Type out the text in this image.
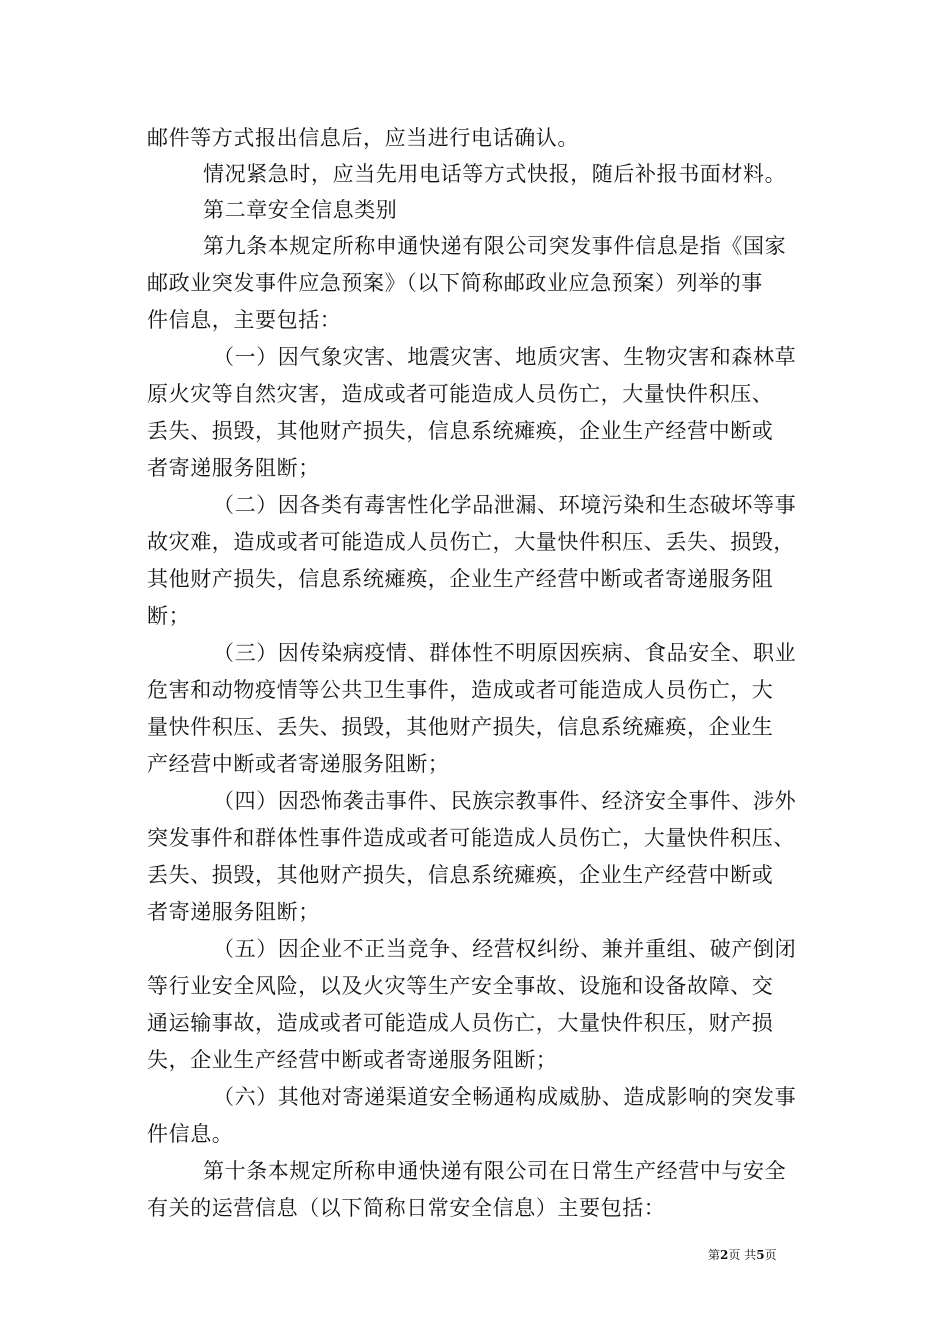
邮件等方式报出信息后，应当进行电话确认。
情况紧急时，应当先用电话等方式快报，随后补报书面材料。
第二章安全信息类别
第九条本规定所称申通快递有限公司突发事件信息是指《国家
邮政业突发事件应急预案》（以下简称邮政业应急预案）列举的事
件信息，主要包括：
（一）因气象灾害、地震灾害、地质灾害、生物灾害和森林草
原火灾等自然灾害，造成或者可能造成人员伤亡，大量快件积压、
丢失、损毁，其他财产损失，信息系统瘫痪，企业生产经营中断或
者寄递服务阻断；
（二）因各类有毒害性化学品泄漏、环境污染和生态破坏等事
故灾难，造成或者可能造成人员伤亡，大量快件积压、丢失、损毁，
其他财产损失，信息系统瘫痪，企业生产经营中断或者寄递服务阻
断；
（三）因传染病疫情、群体性不明原因疾病、食品安全、职业
危害和动物疫情等公共卫生事件，造成或者可能造成人员伤亡，大
量快件积压、丢失、损毁，其他财产损失，信息系统瘫痪，企业生
产经营中断或者寄递服务阻断；
（四）因恐怖袭击事件、民族宗教事件、经济安全事件、涉外
突发事件和群体性事件造成或者可能造成人员伤亡，大量快件积压、
丢失、损毁，其他财产损失，信息系统瘫痪，企业生产经营中断或
者寄递服务阻断；
（五）因企业不正当竞争、经营权纠纷、兼并重组、破产倒闭
等行业安全风险，以及火灾等生产安全事故、设施和设备故障、交
通运输事故，造成或者可能造成人员伤亡，大量快件积压，财产损
失，企业生产经营中断或者寄递服务阻断；
（六）其他对寄递渠道安全畅通构成威胁、造成影响的突发事
件信息。
第十条本规定所称申通快递有限公司在日常生产经营中与安全
有关的运营信息（以下简称日常安全信息）主要包括：
第2页 共5页
